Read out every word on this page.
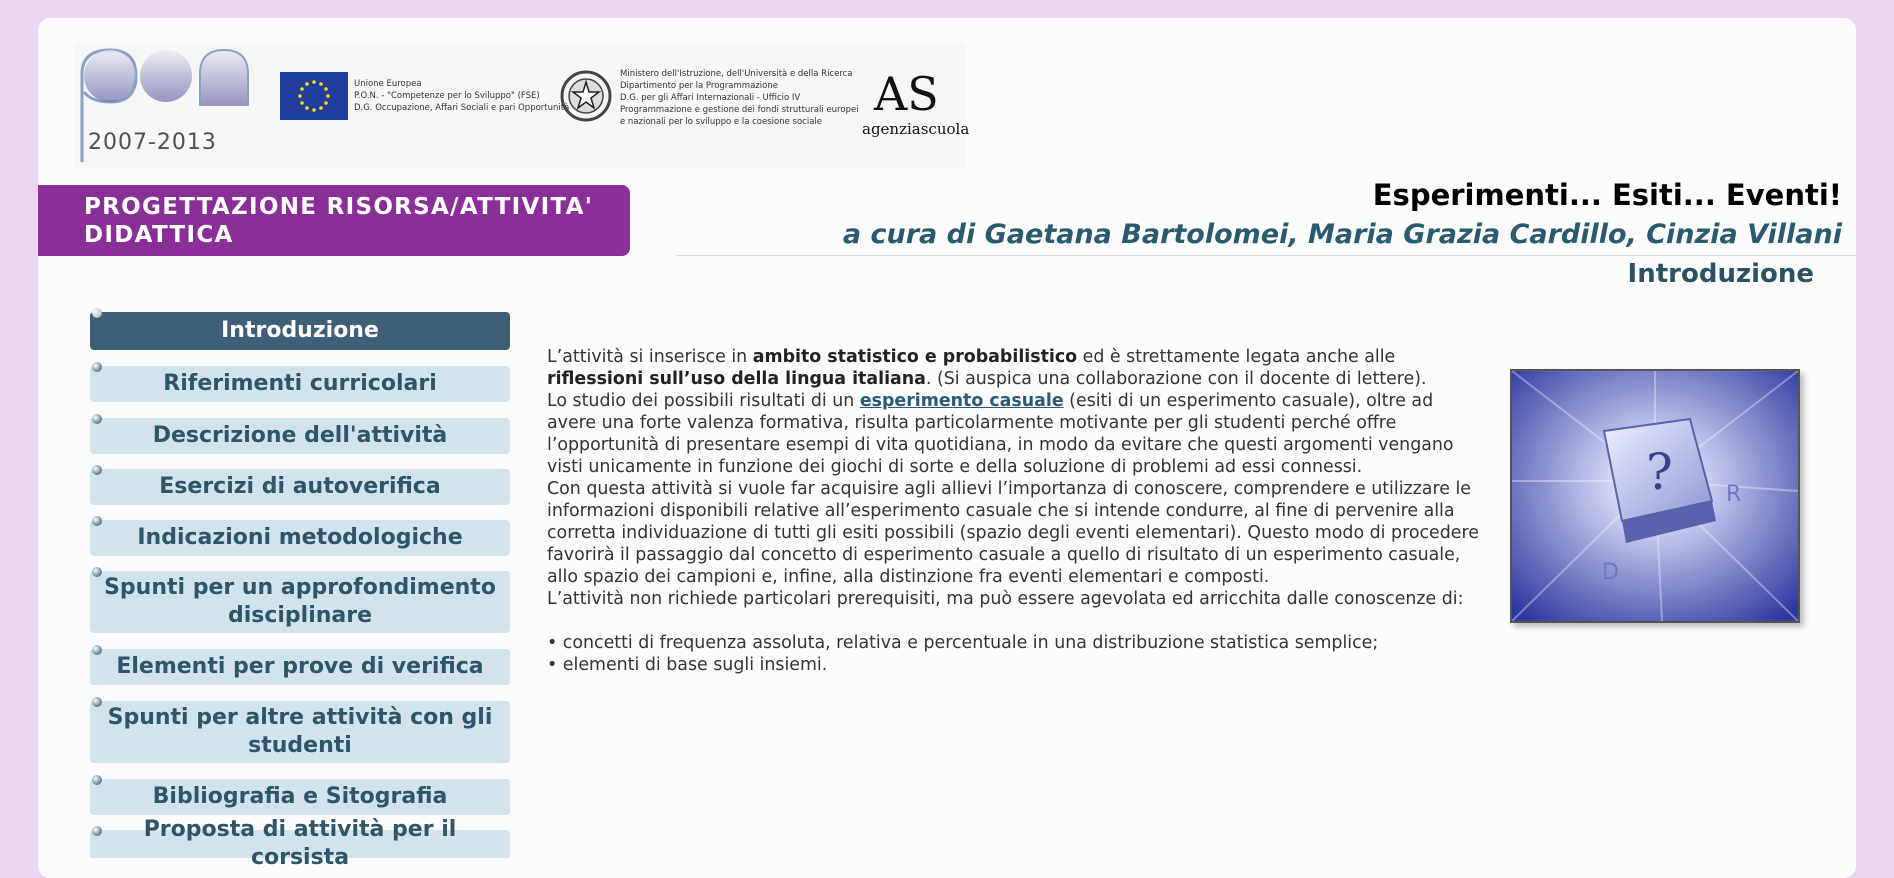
2007-2013
Unione Europea
P.O.N. - "Competenze per lo Sviluppo" (FSE)
D.G. Occupazione, Affari Sociali e pari Opportunità
Ministero dell'Istruzione, dell'Università e della Ricerca
Dipartimento per la Programmazione
D.G. per gli Affari Internazionali - Ufficio IV
Programmazione e gestione dei fondi strutturali europei
e nazionali per lo sviluppo e la coesione sociale
AS
agenziascuola
PROGETTAZIONE RISORSA/ATTIVITA'
DIDATTICA
Esperimenti... Esiti... Eventi!
a cura di Gaetana Bartolomei, Maria Grazia Cardillo, Cinzia Villani
Introduzione
Introduzione
Riferimenti curricolari
Descrizione dell'attività
Esercizi di autoverifica
Indicazioni metodologiche
Spunti per un approfondimento disciplinare
Elementi per prove di verifica
Spunti per altre attività con gli studenti
Bibliografia e Sitografia
Proposta di attività per il corsista

L’attività si inserisce in ambito statistico e probabilistico ed è strettamente legata anche alle riflessioni sull’uso della lingua italiana. (Si auspica una collaborazione con il docente di lettere).

Lo studio dei possibili risultati di un esperimento casuale (esiti di un esperimento casuale), oltre ad avere una forte valenza formativa, risulta particolarmente motivante per gli studenti perché offre l’opportunità di presentare esempi di vita quotidiana, in modo da evitare che questi argomenti vengano visti unicamente in funzione dei giochi di sorte e della soluzione di problemi ad essi connessi.

Con questa attività si vuole far acquisire agli allievi l’importanza di conoscere, comprendere e utilizzare le informazioni disponibili relative all’esperimento casuale che si intende condurre, al fine di pervenire alla corretta individuazione di tutti gli esiti possibili (spazio degli eventi elementari). Questo modo di procedere favorirà il passaggio dal concetto di esperimento casuale a quello di risultato di un esperimento casuale, allo spazio dei campioni e, infine, alla distinzione fra eventi elementari e composti.

L’attività non richiede particolari prerequisiti, ma può essere agevolata ed arricchita dalle conoscenze di:

• concetti di frequenza assoluta, relativa e percentuale in una distribuzione statistica semplice;
• elementi di base sugli insiemi.
? R
D
